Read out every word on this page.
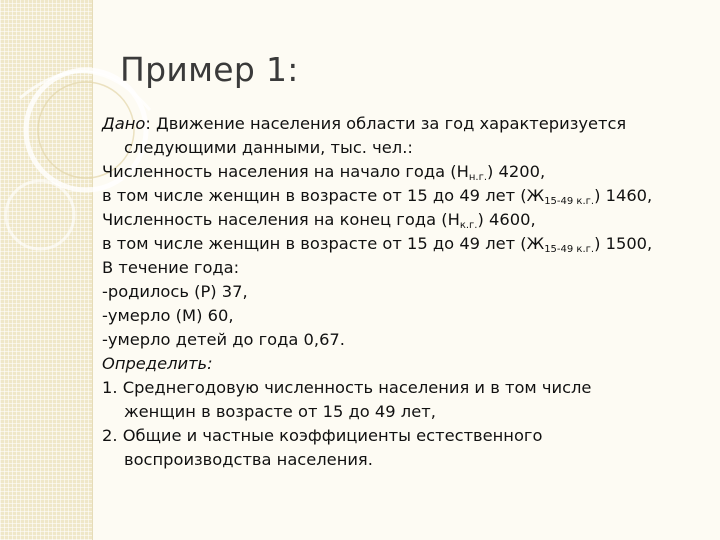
Пример 1:
Дано: Движение населения области за год характеризуется
следующими данными, тыс. чел.:
Численность населения на начало года $(Н_{н.г.})$ 4200,
в том числе женщин в возрасте от 15 до 49 лет $(Ж_{15-49 к.г.})$ 1460,
Численность населения на конец года $(Н_{к.г.})$ 4600,
в том числе женщин в возрасте от 15 до 49 лет $(Ж_{15-49 к.г.})$ 1500,
В течение года:
-родилось (Р) 37,
-умерло (М) 60,
-умерло детей до года 0,67.
Определить:
1. Среднегодовую численность населения и в том числе
женщин в возрасте от 15 до 49 лет,
2. Общие и частные коэффициенты естественного
воспроизводства населения.
